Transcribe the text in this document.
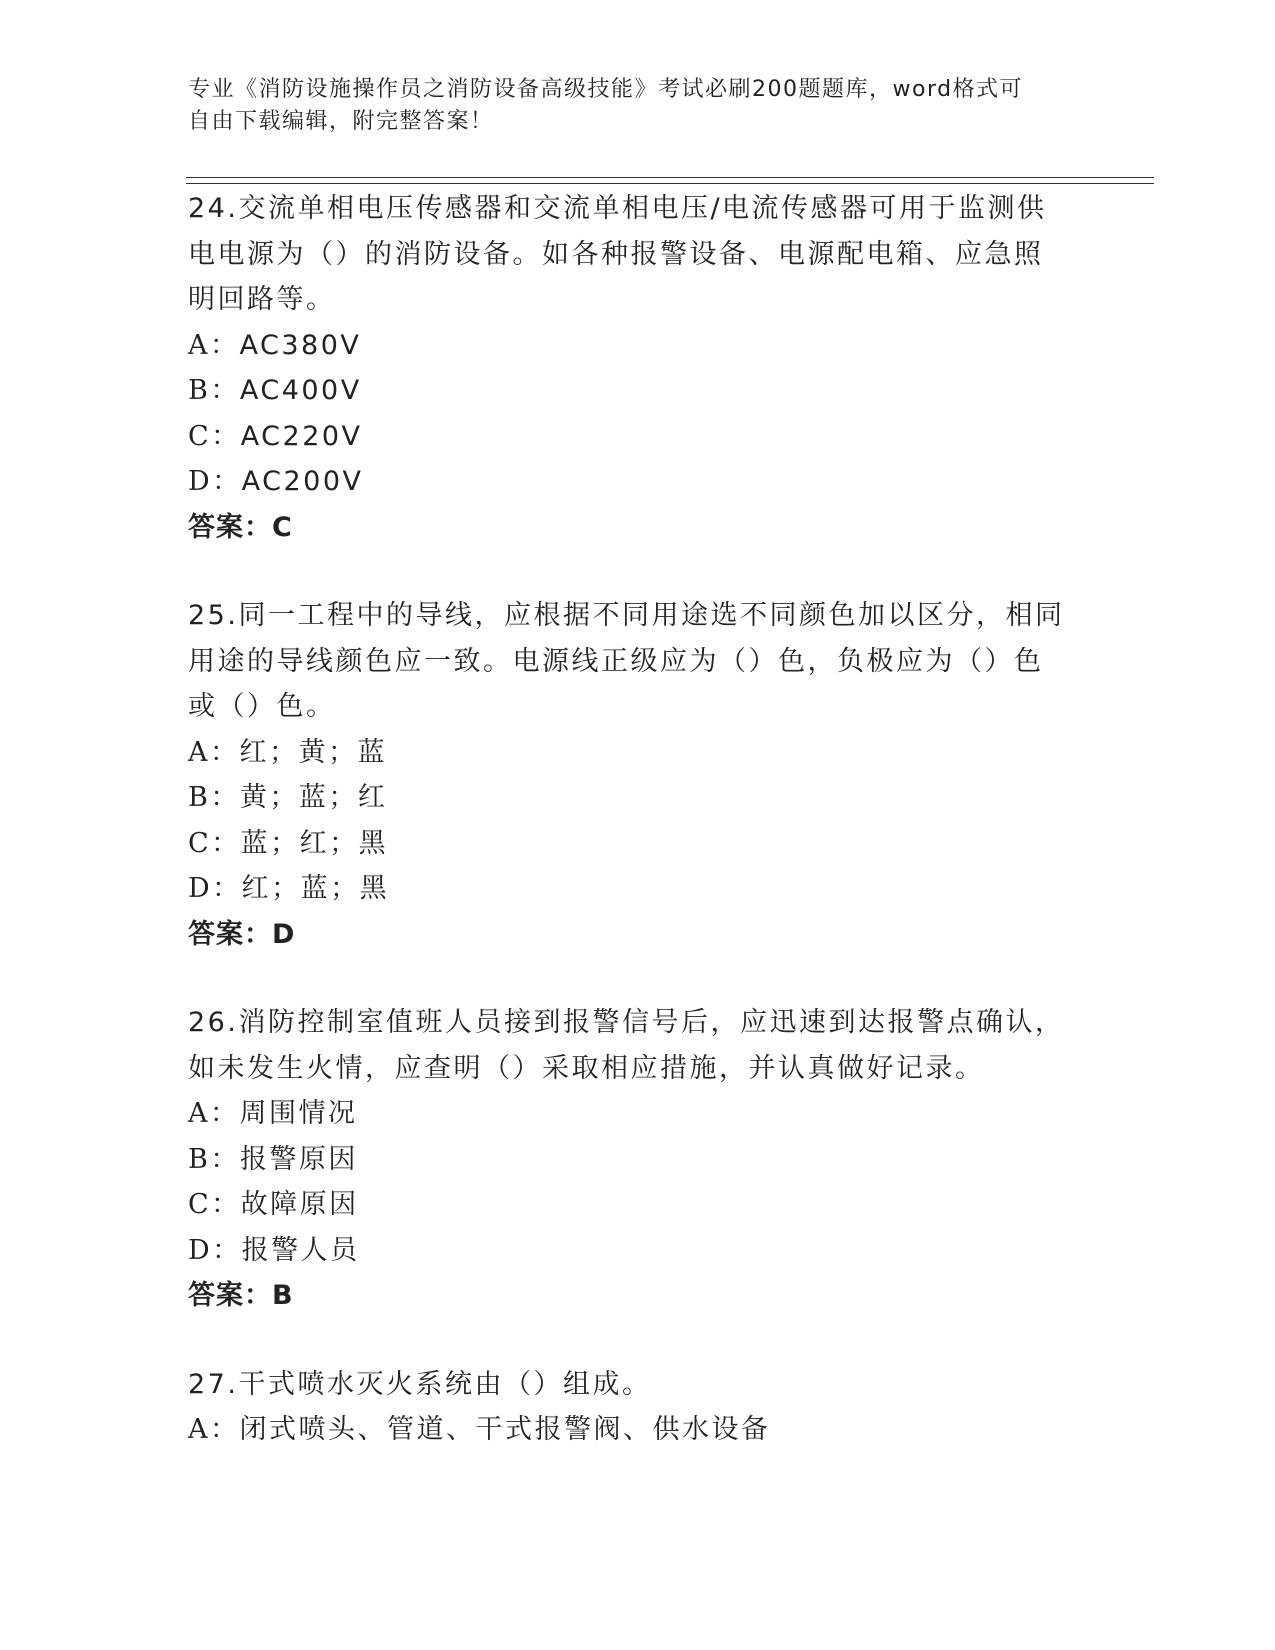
专业《消防设施操作员之消防设备高级技能》考试必刷200题题库，word格式可
自由下载编辑，附完整答案！
24.交流单相电压传感器和交流单相电压/电流传感器可用于监测供电电源为（）的消防设备。如各种报警设备、电源配电箱、应急照明回路等。
A：AC380V
B：AC400V
C：AC220V
D：AC200V
答案：C
25.同一工程中的导线，应根据不同用途选不同颜色加以区分，相同用途的导线颜色应一致。电源线正级应为（）色，负极应为（）色或（）色。
A：红；黄；蓝
B：黄；蓝；红
C：蓝；红；黑
D：红；蓝；黑
答案：D
26.消防控制室值班人员接到报警信号后，应迅速到达报警点确认，如未发生火情，应查明（）采取相应措施，并认真做好记录。
A：周围情况
B：报警原因
C：故障原因
D：报警人员
答案：B
27.干式喷水灭火系统由（）组成。
A：闭式喷头、管道、干式报警阀、供水设备
